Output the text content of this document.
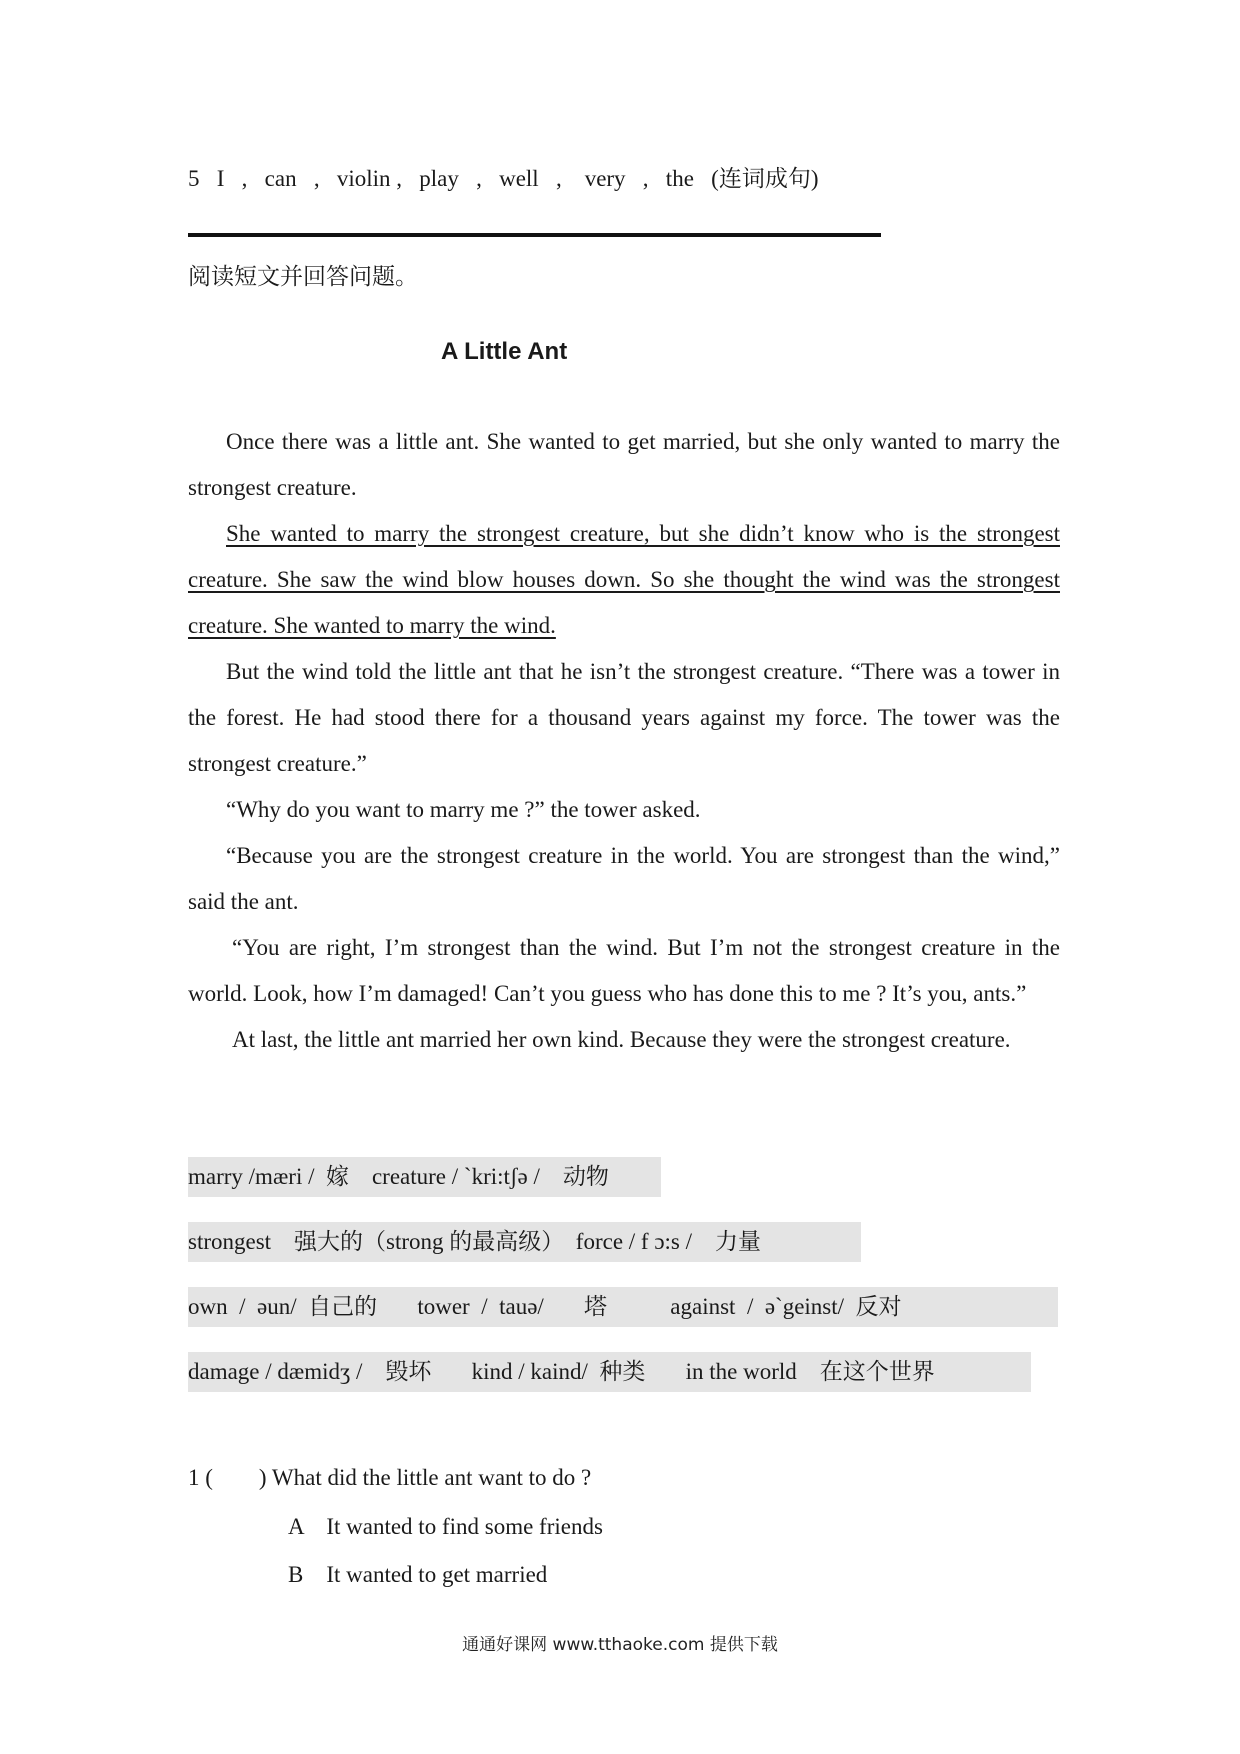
5   I   ,   can   ,   violin ,   play   ,   well   ,    very   ,   the   (连词成句)
阅读短文并回答问题。
A Little Ant

Once there was a little ant. She wanted to get married, but she only wanted to marry the strongest creature.

She wanted to marry the strongest creature, but she didn’t know who is the strongest creature. She saw the wind blow houses down. So she thought the wind was the strongest creature. She wanted to marry the wind.

But the wind told the little ant that he isn’t the strongest creature. “There was a tower in the forest. He had stood there for a thousand years against my force. The tower was the strongest creature.”

“Why do you want to marry me ?” the tower asked.

“Because you are the strongest creature in the world. You are strongest than the wind,” said the ant.

“You are right, I’m strongest than the wind. But I’m not the strongest creature in the world. Look, how I’m damaged! Can’t you guess who has done this to me ? It’s you, ants.”

At last, the little ant married her own kind. Because they were the strongest creature.

marry /mæri /  嫁    creature / `kri:tʃə /    动物
strongest    强大的（strong 的最高级）  force / f ɔ:s /    力量
own  /  əun/  自己的       tower  /  tauə/       塔           against  /  ə`geinst/  反对
damage / dæmidʒ /    毁坏       kind / kaind/  种类       in the world    在这个世界
1 (        ) What did the little ant want to do ?
A    It wanted to find some friends
B    It wanted to get married
通通好课网 www.tthaoke.com 提供下载
